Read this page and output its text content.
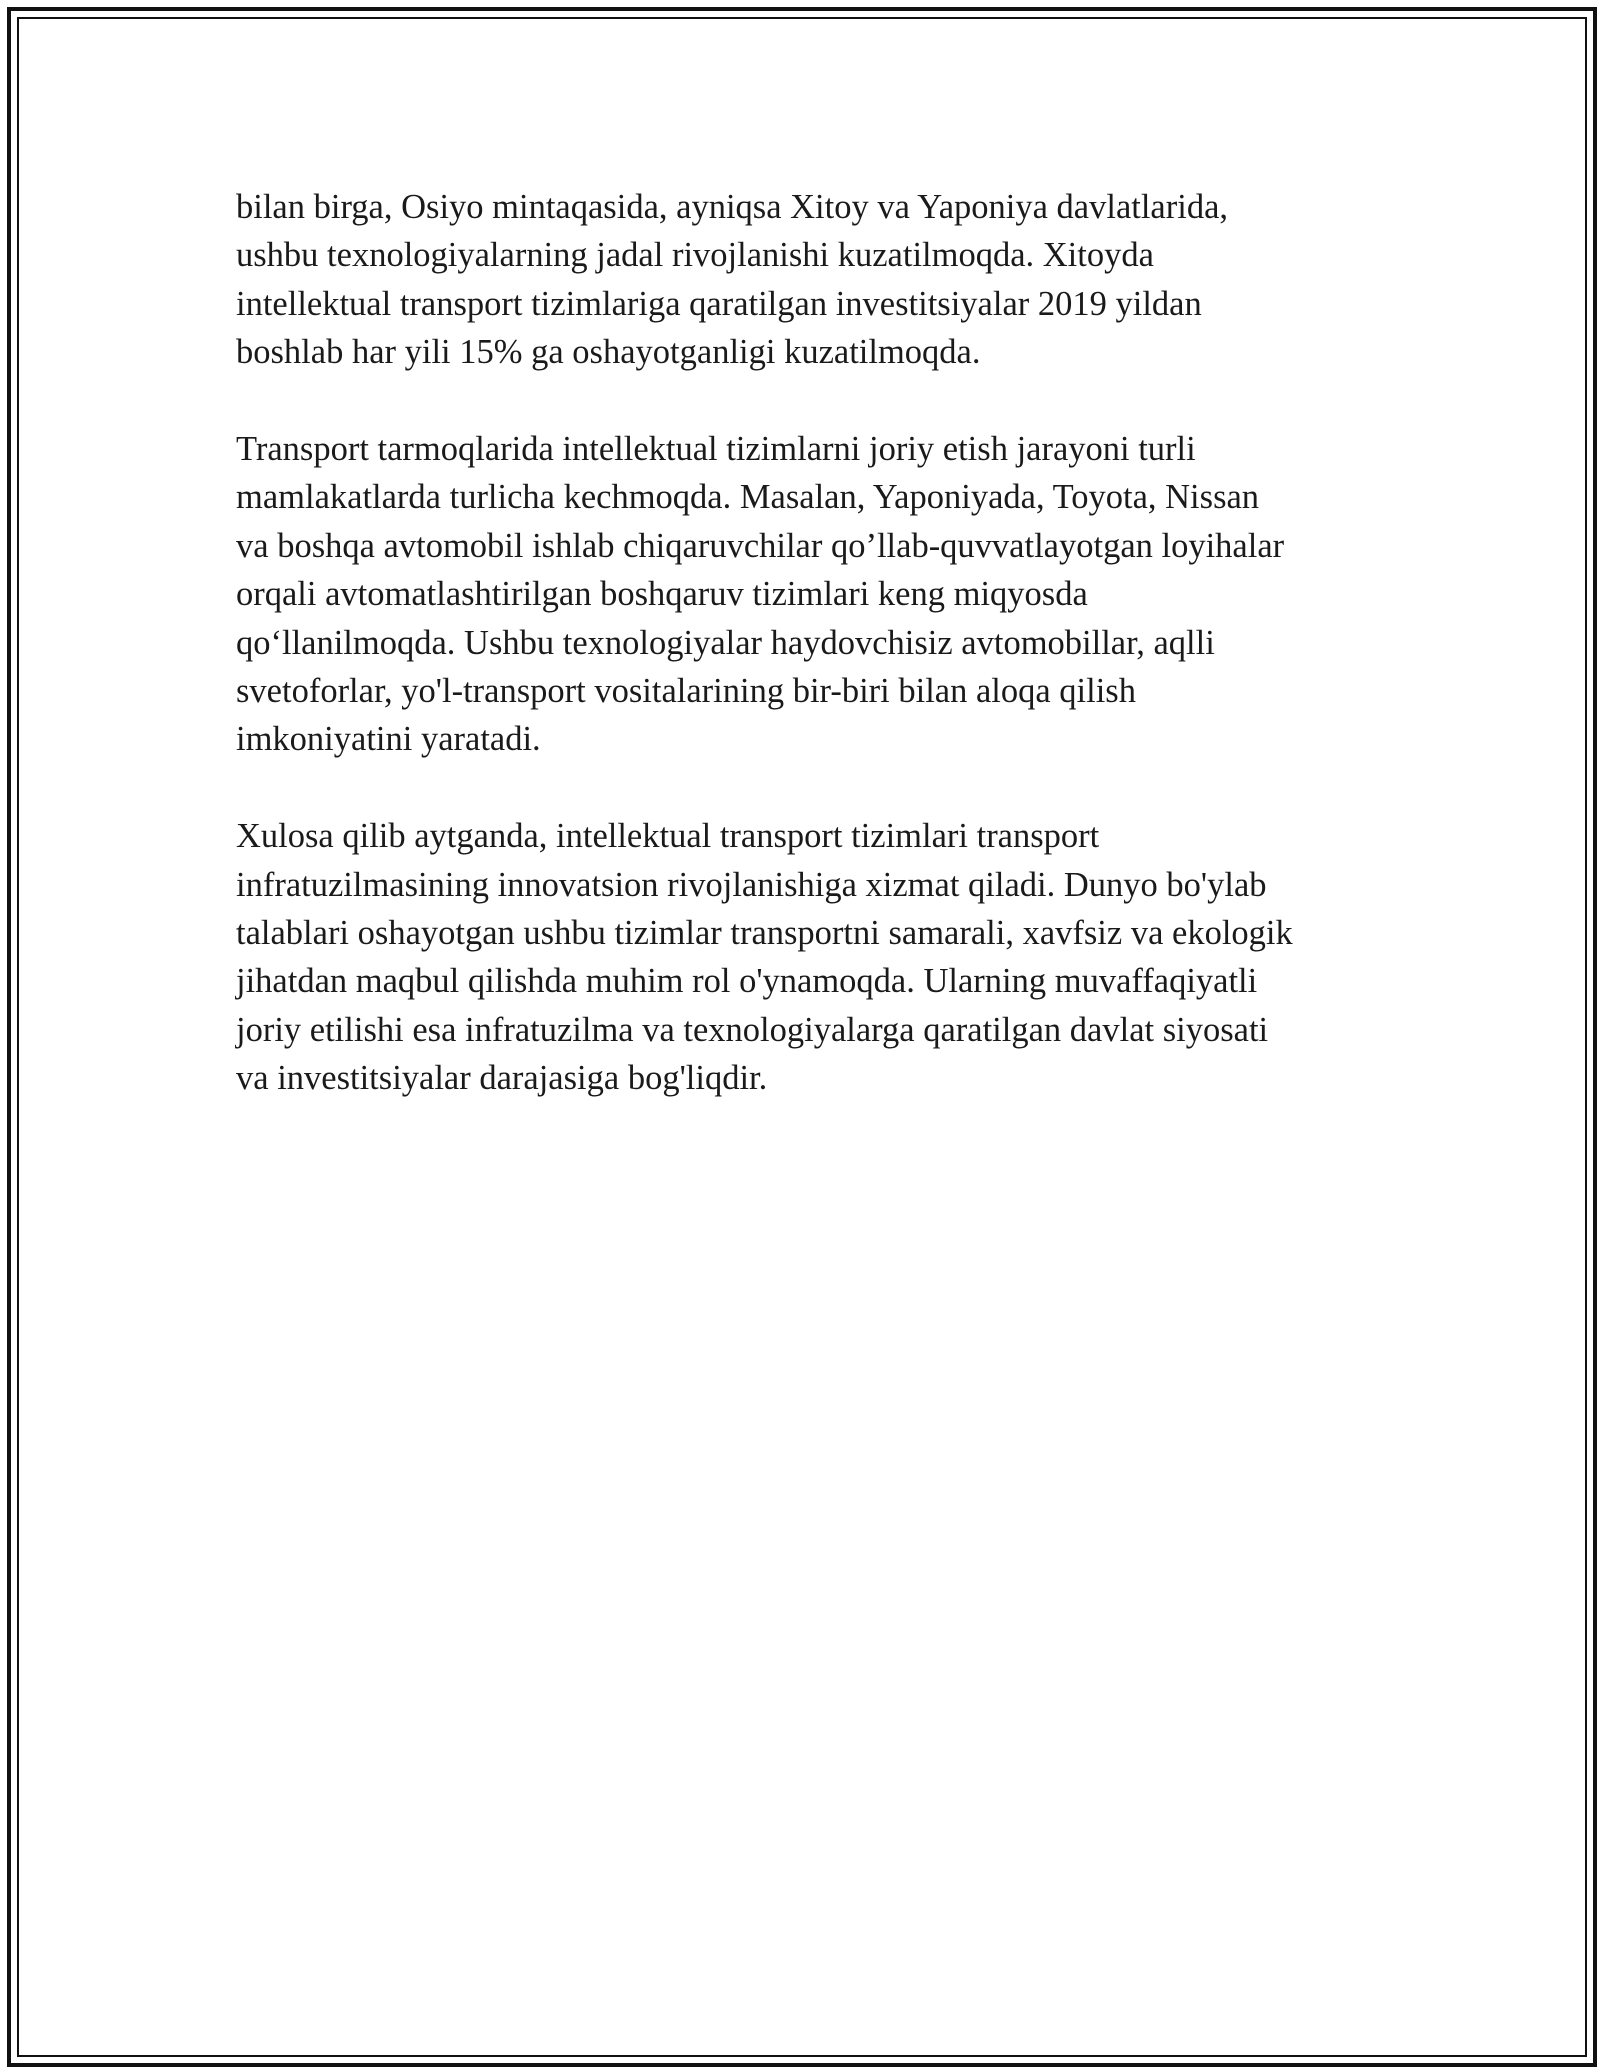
bilan birga, Osiyo mintaqasida, ayniqsa Xitoy va Yaponiya davlatlarida,
ushbu texnologiyalarning jadal rivojlanishi kuzatilmoqda. Xitoyda
intellektual transport tizimlariga qaratilgan investitsiyalar 2019 yildan
boshlab har yili 15% ga oshayotganligi kuzatilmoqda.

Transport tarmoqlarida intellektual tizimlarni joriy etish jarayoni turli
mamlakatlarda turlicha kechmoqda. Masalan, Yaponiyada, Toyota, Nissan
va boshqa avtomobil ishlab chiqaruvchilar qo’llab-quvvatlayotgan loyihalar
orqali avtomatlashtirilgan boshqaruv tizimlari keng miqyosda
qo‘llanilmoqda. Ushbu texnologiyalar haydovchisiz avtomobillar, aqlli
svetoforlar, yo'l-transport vositalarining bir-biri bilan aloqa qilish
imkoniyatini yaratadi.

Xulosa qilib aytganda, intellektual transport tizimlari transport
infratuzilmasining innovatsion rivojlanishiga xizmat qiladi. Dunyo bo'ylab
talablari oshayotgan ushbu tizimlar transportni samarali, xavfsiz va ekologik
jihatdan maqbul qilishda muhim rol o'ynamoqda. Ularning muvaffaqiyatli
joriy etilishi esa infratuzilma va texnologiyalarga qaratilgan davlat siyosati
va investitsiyalar darajasiga bog'liqdir.
